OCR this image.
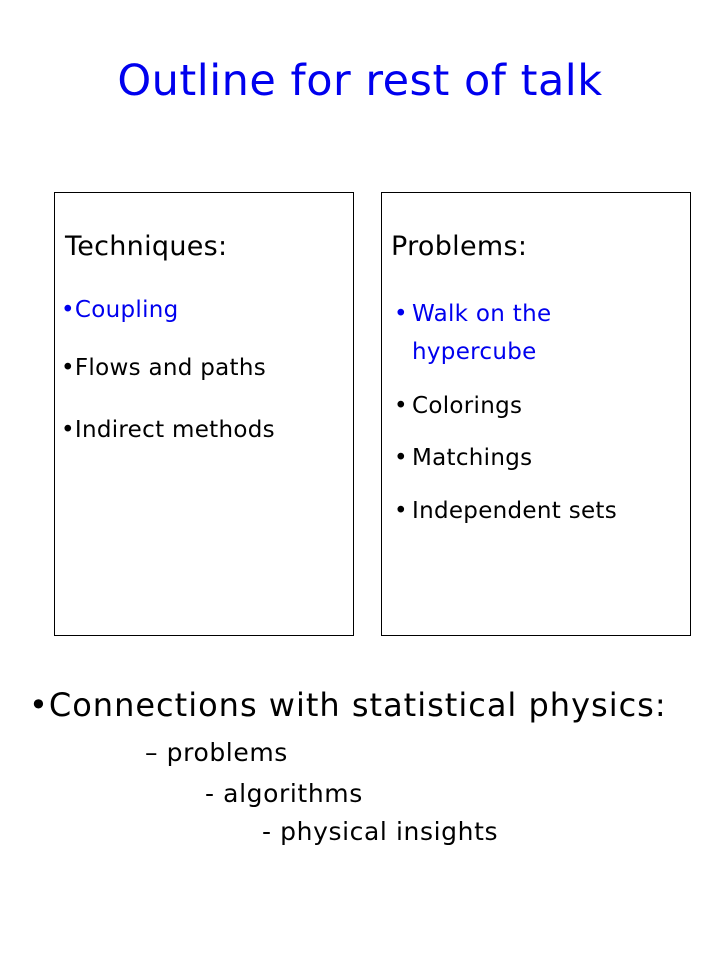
Outline for rest of talk
Techniques:
•Coupling
•Flows and paths
•Indirect methods
Problems:
• Walk on the
hypercube
• Colorings
• Matchings
• Independent sets
•Connections with statistical physics:
– problems
- algorithms
- physical insights
